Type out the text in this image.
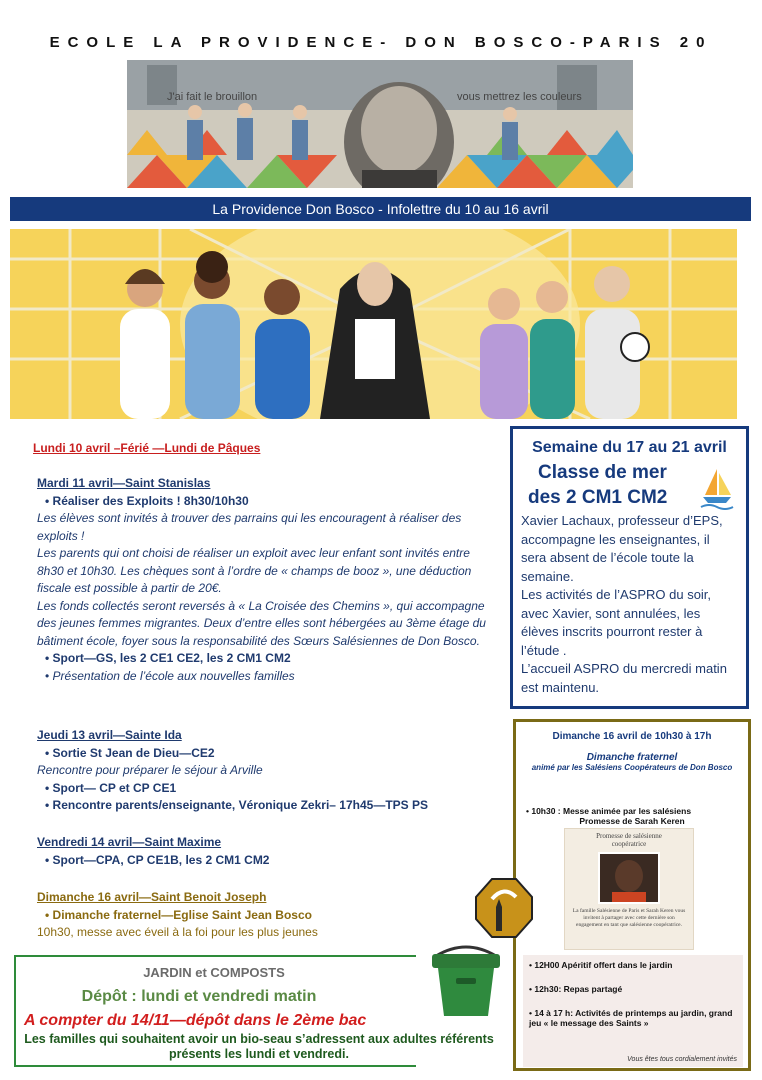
ECOLE LA PROVIDENCE- DON BOSCO-PARIS 20
J'ai fait le brouillon	vous mettrez les couleurs
La Providence Don Bosco - Infolettre du 10 au 16 avril
Lundi 10 avril –Férié —Lundi de Pâques
Mardi 11 avril—Saint Stanislas
• Réaliser des Exploits ! 8h30/10h30
Les élèves sont invités à trouver des parrains qui les encouragent à réaliser des exploits !
Les parents qui ont choisi de réaliser un exploit avec leur enfant sont invités entre 8h30 et 10h30. Les chèques sont à l’ordre de « champs de booz », une déduction fiscale est possible à partir de 20€.
Les fonds collectés seront reversés à « La Croisée des Chemins », qui accompagne des jeunes femmes migrantes. Deux d’entre elles sont hébergées au 3ème étage du bâtiment école, foyer sous la responsabilité des Sœurs Salésiennes de Don Bosco.
• Sport—GS, les 2 CE1 CE2, les 2 CM1 CM2
• Présentation de l’école aux nouvelles familles
Jeudi 13 avril—Sainte Ida
• Sortie St Jean de Dieu—CE2
Rencontre pour préparer le séjour à Arville
• Sport— CP et CP CE1
• Rencontre parents/enseignante, Véronique Zekri– 17h45—TPS PS
Vendredi 14 avril—Saint Maxime
• Sport—CPA, CP CE1B, les 2 CM1 CM2
Dimanche 16 avril—Saint Benoit Joseph
• Dimanche fraternel—Eglise Saint Jean Bosco
10h30, messe avec éveil à la foi pour les plus jeunes
Semaine du 17 au 21 avril
Classe de mer
des 2 CM1 CM2
Xavier Lachaux, professeur d’EPS, accompagne les enseignantes, il sera absent de l’école toute la semaine.
Les activités de l’ASPRO du soir, avec Xavier, sont annulées, les élèves inscrits pourront rester à l’étude .
L’accueil ASPRO du mercredi matin est maintenu.
Dimanche 16 avril de 10h30 à 17h
Dimanche fraternel
animé par les Salésiens Coopérateurs de Don Bosco
• 10h30 : Messe animée par les salésiens
Promesse de Sarah Keren
Promesse de salésienne coopératrice
La famille Salésienne de Paris et Sarah Keren vous invitent à partager avec cette dernière son engagement en tant que salésienne coopératrice.
• 12H00 Apéritif offert dans le jardin
• 12h30: Repas partagé
• 14 à 17 h: Activités de printemps au jardin, grand jeu « le message des Saints »
Vous êtes tous cordialement invités
JARDIN et COMPOSTS
Dépôt : lundi et vendredi matin
A compter du 14/11—dépôt dans le 2ème bac
Les familles qui souhaitent avoir un bio-seau s’adressent aux adultes référents présents les lundi et vendredi.
